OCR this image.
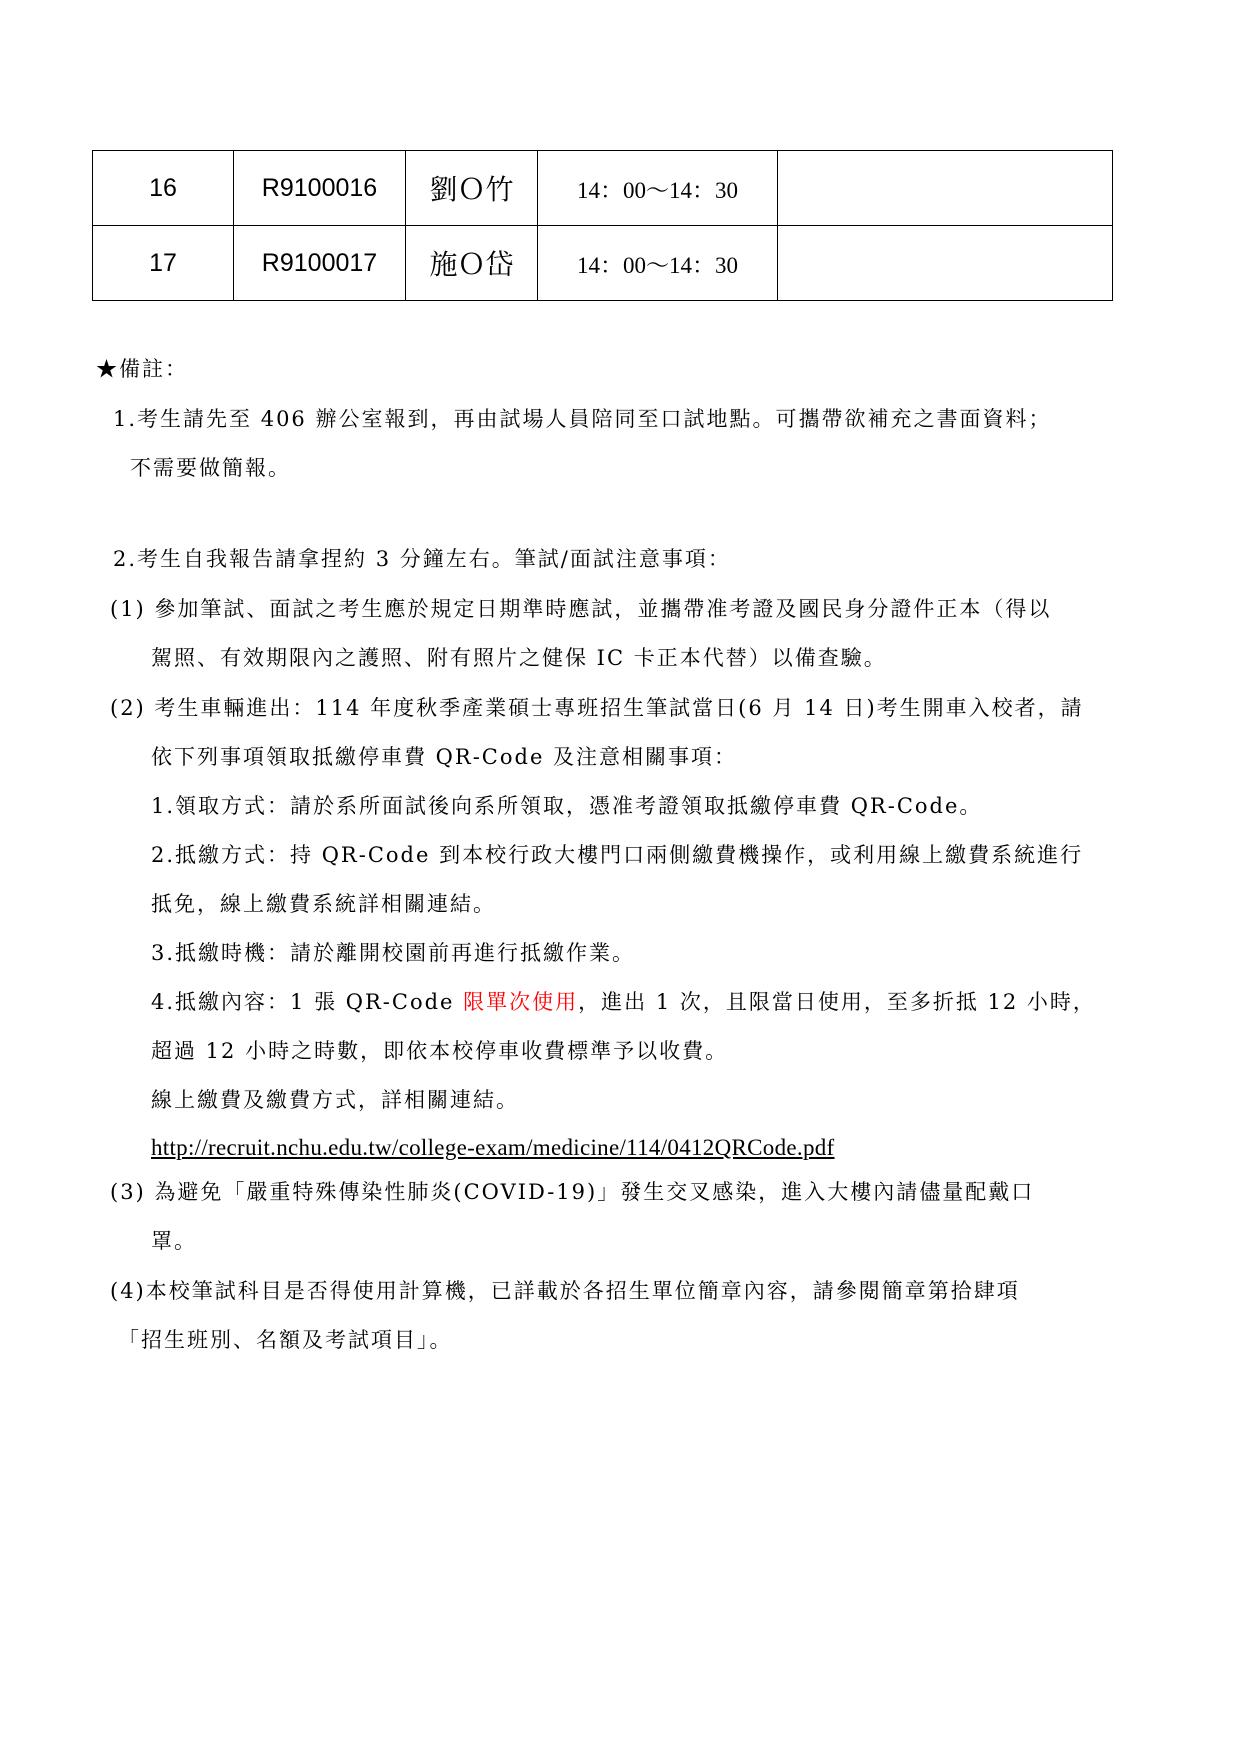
16	R9100016	劉Ｏ竹	14：00～14：30	
17	R9100017	施Ｏ岱	14：00～14：30	
★備註：
1.考生請先至 406 辦公室報到，再由試場人員陪同至口試地點。可攜帶欲補充之書面資料；
不需要做簡報。
2.考生自我報告請拿捏約 3 分鐘左右。筆試/面試注意事項：
(1) 參加筆試、面試之考生應於規定日期準時應試，並攜帶准考證及國民身分證件正本（得以
駕照、有效期限內之護照、附有照片之健保 IC 卡正本代替）以備查驗。
(2) 考生車輛進出：114 年度秋季產業碩士專班招生筆試當日(6 月 14 日)考生開車入校者，請
依下列事項領取抵繳停車費 QR-Code 及注意相關事項：
1.領取方式：請於系所面試後向系所領取，憑准考證領取抵繳停車費 QR-Code。
2.抵繳方式：持 QR-Code 到本校行政大樓門口兩側繳費機操作，或利用線上繳費系統進行
抵免，線上繳費系統詳相關連結。
3.抵繳時機：請於離開校園前再進行抵繳作業。
4.抵繳內容：1 張 QR-Code 限單次使用，進出 1 次，且限當日使用，至多折抵 12 小時，
超過 12 小時之時數，即依本校停車收費標準予以收費。
線上繳費及繳費方式，詳相關連結。
http://recruit.nchu.edu.tw/college-exam/medicine/114/0412QRCode.pdf
(3) 為避免「嚴重特殊傳染性肺炎(COVID-19)」發生交叉感染，進入大樓內請儘量配戴口
罩。
(4)本校筆試科目是否得使用計算機，已詳載於各招生單位簡章內容，請參閱簡章第拾肆項
「招生班別、名額及考試項目」。
